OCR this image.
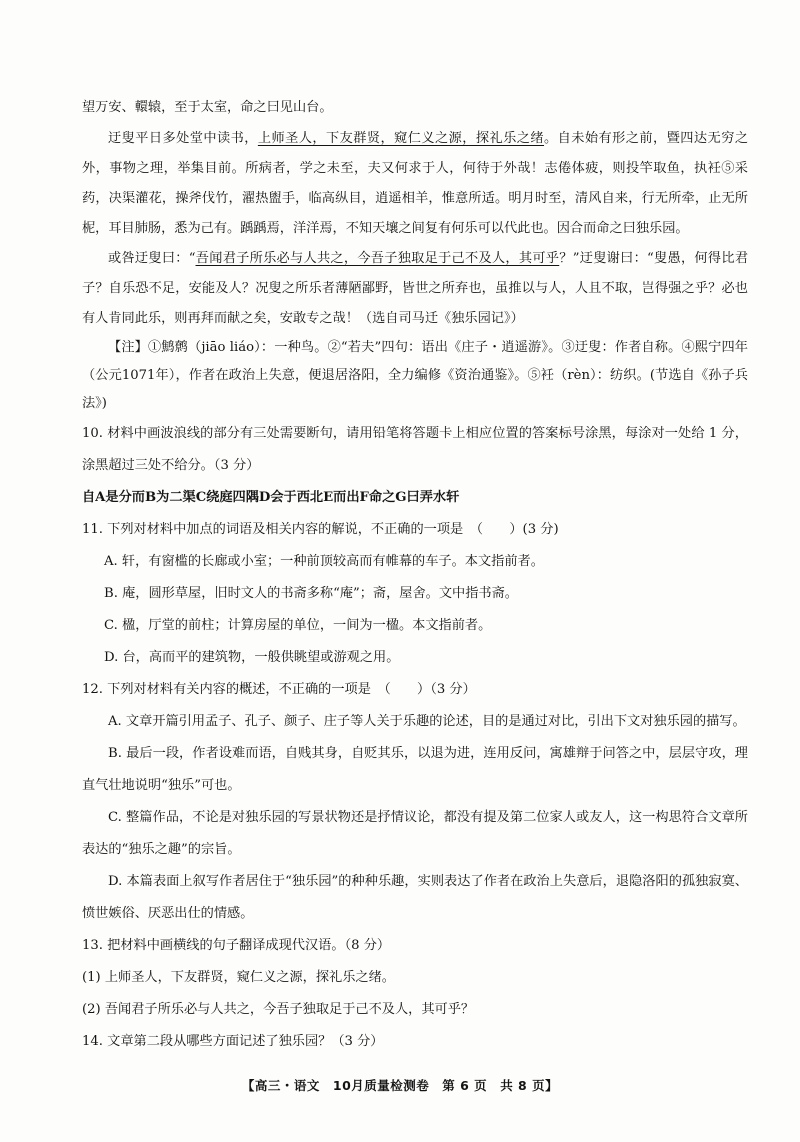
望万安、轘辕，至于太室，命之曰见山台。

迂叟平日多处堂中读书，上师圣人，下友群贤，窥仁义之源，探礼乐之绪。自未始有形之前，暨四达无穷之外，事物之理，举集目前。所病者，学之未至，夫又何求于人，何待于外哉！志倦体疲，则投竿取鱼，执衽⑤采药，决渠灌花，操斧伐竹，濯热盥手，临高纵目，逍遥相羊，惟意所适。明月时至，清风自来，行无所牵，止无所柅，耳目肺肠，悉为己有。踽踽焉，洋洋焉，不知天壤之间复有何乐可以代此也。因合而命之曰独乐园。

或咎迂叟曰：“吾闻君子所乐必与人共之，今吾子独取足于己不及人，其可乎？”迂叟谢曰：“叟愚，何得比君子？自乐恐不足，安能及人？况叟之所乐者薄陋鄙野，皆世之所弃也，虽推以与人，人且不取，岂得强之乎？必也有人肯同此乐，则再拜而献之矣，安敢专之哉！（选自司马迁《独乐园记》）

【注】①鹪鹩（jiāo liáo）：一种鸟。②“若夫”四句：语出《庄子・逍遥游》。③迂叟：作者自称。④熙宁四年（公元1071年），作者在政治上失意，便退居洛阳，全力编修《资治通鉴》。⑤衽（rèn）：纺织。(节选自《孙子兵法》)

10. 材料中画波浪线的部分有三处需要断句，请用铅笔将答题卡上相应位置的答案标号涂黑，每涂对一处给 1 分，涂黑超过三处不给分。（3 分）

自A是分而B为二渠C绕庭四隅D会于西北E而出F命之G曰弄水轩

11. 下列对材料中加点的词语及相关内容的解说，不正确的一项是　（　　）(3 分)

A. 轩，有窗槛的长廊或小室；一种前顶较高而有帷幕的车子。本文指前者。

B. 庵，圆形草屋，旧时文人的书斋多称“庵”；斋，屋舍。文中指书斋。

C. 楹，厅堂的前柱；计算房屋的单位，一间为一楹。本文指前者。

D. 台，高而平的建筑物，一般供眺望或游观之用。

12. 下列对材料有关内容的概述，不正确的一项是　（　　）（3 分）

A. 文章开篇引用孟子、孔子、颜子、庄子等人关于乐趣的论述，目的是通过对比，引出下文对独乐园的描写。

B. 最后一段，作者设难而语，自贱其身，自贬其乐，以退为进，连用反问，寓雄辩于问答之中，层层守攻，理直气壮地说明“独乐”可也。

C. 整篇作品，不论是对独乐园的写景状物还是抒情议论，都没有提及第二位家人或友人，这一构思符合文章所表达的“独乐之趣”的宗旨。

D. 本篇表面上叙写作者居住于“独乐园”的种种乐趣，实则表达了作者在政治上失意后，退隐洛阳的孤独寂寞、愤世嫉俗、厌恶出仕的情感。

13. 把材料中画横线的句子翻译成现代汉语。（8 分）

(1) 上师圣人，下友群贤，窥仁义之源，探礼乐之绪。

(2) 吾闻君子所乐必与人共之，今吾子独取足于己不及人，其可乎？

14. 文章第二段从哪些方面记述了独乐园？（3 分）

【高三・语文　10月质量检测卷　第 6 页　共 8 页】
